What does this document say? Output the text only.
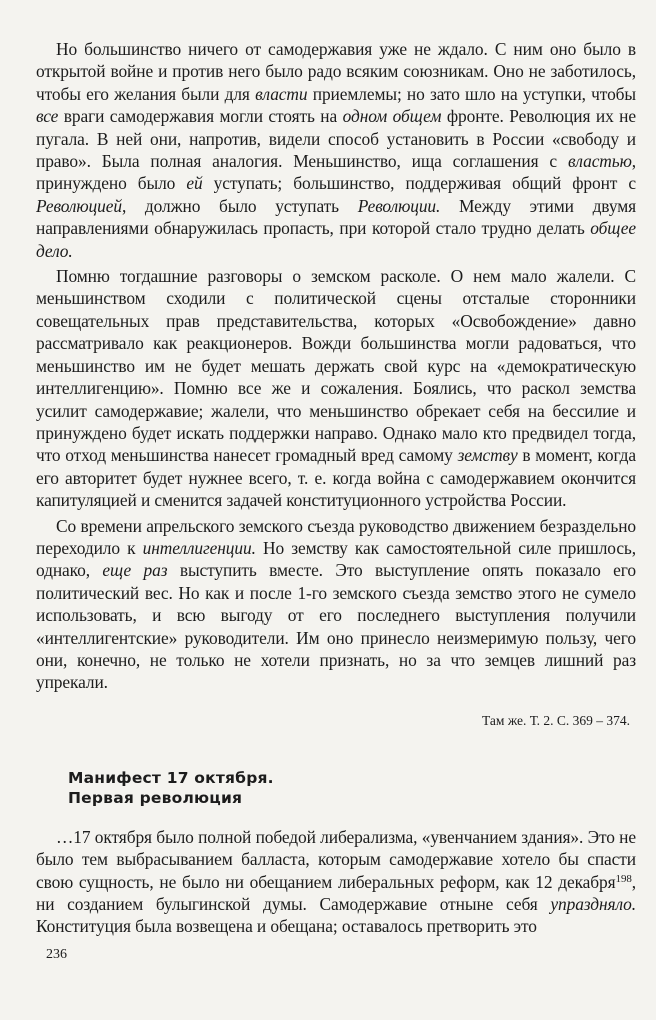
Но большинство ничего от самодержавия уже не ждало. С ним оно было в открытой войне и против него было радо всяким союзникам. Оно не заботилось, чтобы его желания были для власти приемлемы; но зато шло на уступки, чтобы все враги самодержавия могли стоять на одном общем фронте. Революция их не пугала. В ней они, напротив, видели способ установить в России «свободу и право». Была полная аналогия. Меньшинство, ища соглашения с властью, принуждено было ей уступать; большинство, поддерживая общий фронт с Революцией, должно было уступать Революции. Между этими двумя направлениями обнаружилась пропасть, при которой стало трудно делать общее дело.

Помню тогдашние разговоры о земском расколе. О нем мало жалели. С меньшинством сходили с политической сцены отсталые сторонники совещательных прав представительства, которых «Освобождение» давно рассматривало как реакционеров. Вожди большинства могли радоваться, что меньшинство им не будет мешать держать свой курс на «демократическую интеллигенцию». Помню все же и сожаления. Боялись, что раскол земства усилит самодержавие; жалели, что меньшинство обрекает себя на бессилие и принуждено будет искать поддержки направо. Однако мало кто предвидел тогда, что отход меньшинства нанесет громадный вред самому земству в момент, когда его авторитет будет нужнее всего, т. е. когда война с самодержавием окончится капитуляцией и сменится задачей конституционного устройства России.

Со времени апрельского земского съезда руководство движением безраздельно переходило к интеллигенции. Но земству как самостоятельной силе пришлось, однако, еще раз выступить вместе. Это выступление опять показало его политический вес. Но как и после 1-го земского съезда земство этого не сумело использовать, и всю выгоду от его последнего выступления получили «интеллигентские» руководители. Им оно принесло неизмеримую пользу, чего они, конечно, не только не хотели признать, но за что земцев лишний раз упрекали.

Там же. Т. 2. С. 369 – 374.
Манифест 17 октября.
Первая революция

…17 октября было полной победой либерализма, «увенчанием здания». Это не было тем выбрасыванием балласта, которым самодержавие хотело бы спасти свою сущность, не было ни обещанием либеральных реформ, как 12 декабря$^{198}$, ни созданием булыгинской думы. Самодержавие отныне себя упраздняло. Конституция была возвещена и обещана; оставалось претворить это

236
